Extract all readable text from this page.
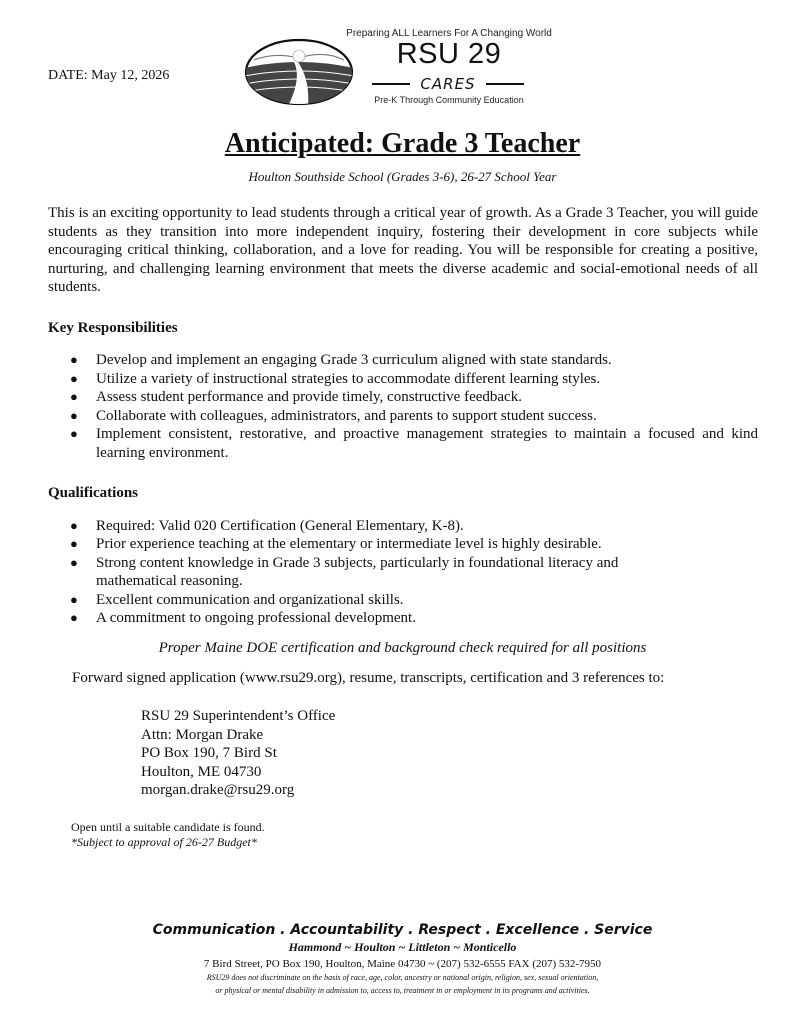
DATE: May 12, 2026
Preparing ALL Learners For A Changing World
RSU 29
CARES
Pre-K Through Community Education
Anticipated: Grade 3 Teacher
Houlton Southside School (Grades 3-6), 26-27 School Year

This is an exciting opportunity to lead students through a critical year of growth. As a Grade 3 Teacher, you will guide students as they transition into more independent inquiry, fostering their development in core subjects while encouraging critical thinking, collaboration, and a love for reading. You will be responsible for creating a positive, nurturing, and challenging learning environment that meets the diverse academic and social-emotional needs of all students.

Key Responsibilities
● Develop and implement an engaging Grade 3 curriculum aligned with state standards.
● Utilize a variety of instructional strategies to accommodate different learning styles.
● Assess student performance and provide timely, constructive feedback.
● Collaborate with colleagues, administrators, and parents to support student success.
● Implement consistent, restorative, and proactive management strategies to maintain a focused and kind learning environment.
Qualifications
● Required: Valid 020 Certification (General Elementary, K-8).
● Prior experience teaching at the elementary or intermediate level is highly desirable.
● Strong content knowledge in Grade 3 subjects, particularly in foundational literacy and mathematical reasoning.
● Excellent communication and organizational skills.
● A commitment to ongoing professional development.
Proper Maine DOE certification and background check required for all positions
Forward signed application (www.rsu29.org), resume, transcripts, certification and 3 references to:
RSU 29 Superintendent’s Office
Attn: Morgan Drake
PO Box 190, 7 Bird St
Houlton, ME 04730
morgan.drake@rsu29.org
Open until a suitable candidate is found.
*Subject to approval of 26-27 Budget*
Communication . Accountability . Respect . Excellence . Service
Hammond ~ Houlton ~ Littleton ~ Monticello
7 Bird Street, PO Box 190, Houlton, Maine 04730 ~ (207) 532-6555 FAX (207) 532-7950
RSU29 does not discriminate on the basis of race, age, color, ancestry or national origin, religion, sex, sexual orientation,
or physical or mental disability in admission to, access to, treatment in or employment in its programs and activities.
